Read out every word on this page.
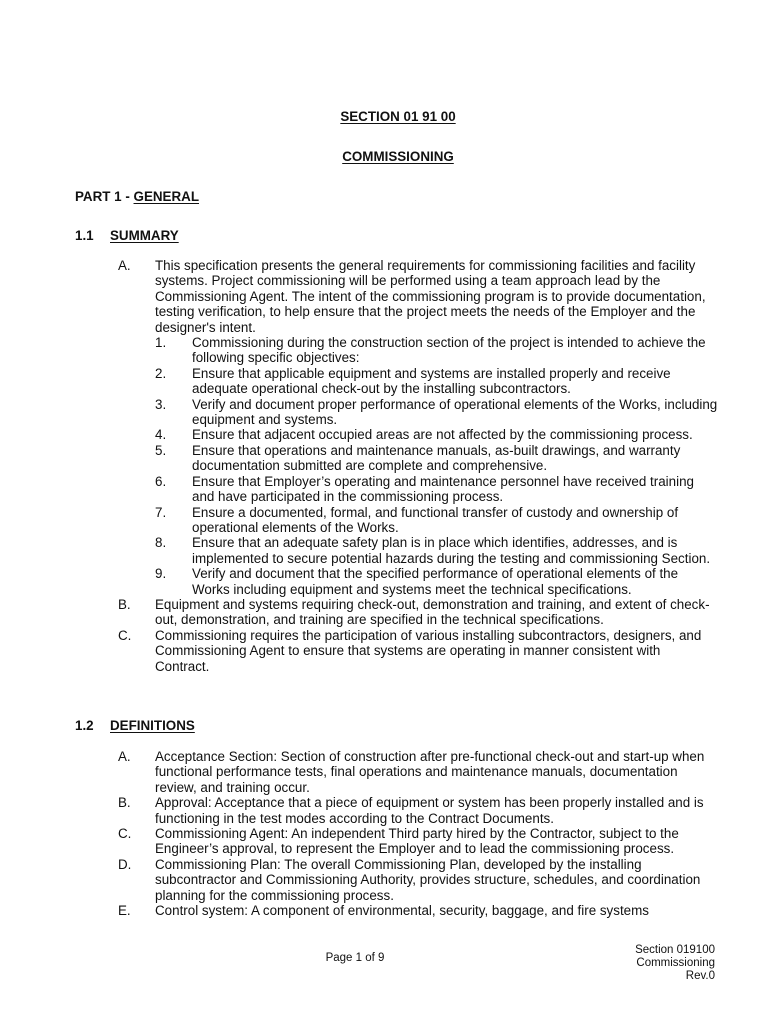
SECTION 01 91 00
COMMISSIONING
PART 1 - GENERAL
1.1 SUMMARY
A.	This specification presents the general requirements for commissioning facilities and facility systems. Project commissioning will be performed using a team approach lead by the Commissioning Agent. The intent of the commissioning program is to provide documentation, testing verification, to help ensure that the project meets the needs of the Employer and the designer's intent.
1.	Commissioning during the construction section of the project is intended to achieve the following specific objectives:
2.	Ensure that applicable equipment and systems are installed properly and receive adequate operational check-out by the installing subcontractors.
3.	Verify and document proper performance of operational elements of the Works, including equipment and systems.
4.	Ensure that adjacent occupied areas are not affected by the commissioning process.
5.	Ensure that operations and maintenance manuals, as-built drawings, and warranty documentation submitted are complete and comprehensive.
6.	Ensure that Employer’s operating and maintenance personnel have received training and have participated in the commissioning process.
7.	Ensure a documented, formal, and functional transfer of custody and ownership of operational elements of the Works.
8.	Ensure that an adequate safety plan is in place which identifies, addresses, and is implemented to secure potential hazards during the testing and commissioning Section.
9.	Verify and document that the specified performance of operational elements of the Works including equipment and systems meet the technical specifications.
B.	Equipment and systems requiring check-out, demonstration and training, and extent of check-out, demonstration, and training are specified in the technical specifications.
C.	Commissioning requires the participation of various installing subcontractors, designers, and Commissioning Agent to ensure that systems are operating in manner consistent with Contract.
1.2 DEFINITIONS
A.	Acceptance Section: Section of construction after pre-functional check-out and start-up when functional performance tests, final operations and maintenance manuals, documentation review, and training occur.
B.	Approval: Acceptance that a piece of equipment or system has been properly installed and is functioning in the test modes according to the Contract Documents.
C.	Commissioning Agent: An independent Third party hired by the Contractor, subject to the Engineer’s approval, to represent the Employer and to lead the commissioning process.
D.	Commissioning Plan: The overall Commissioning Plan, developed by the installing subcontractor and Commissioning Authority, provides structure, schedules, and coordination planning for the commissioning process.
E.	Control system: A component of environmental, security, baggage, and fire systems
Page 1 of 9
Section 019100
Commissioning
Rev.0
